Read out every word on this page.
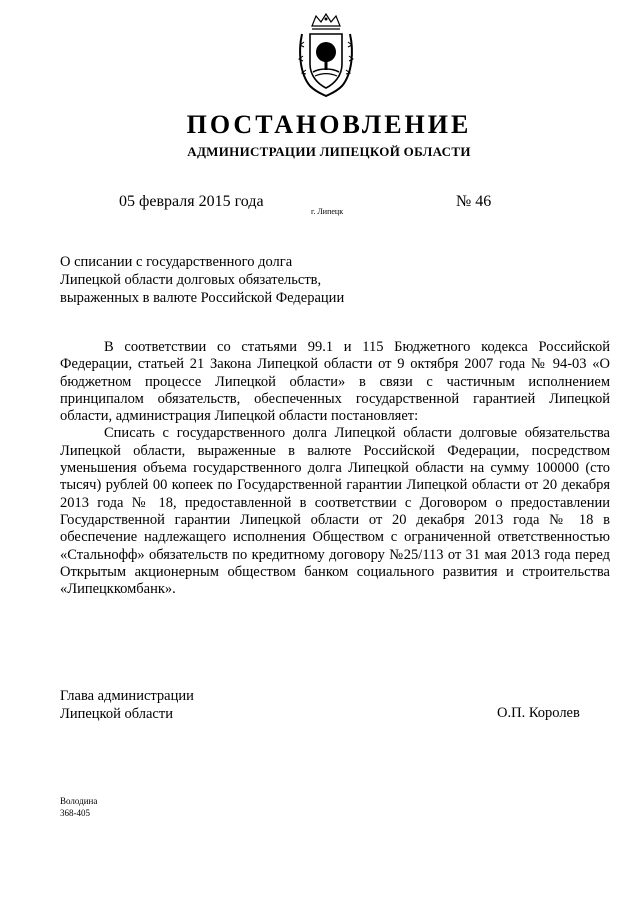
ПОСТАНОВЛЕНИЕ
АДМИНИСТРАЦИИ ЛИПЕЦКОЙ ОБЛАСТИ
05 февраля 2015 года
г. Липецк
№ 46
О списании с государственного долга
Липецкой области долговых обязательств,
выраженных в валюте Российской Федерации

В соответствии со статьями 99.1 и 115 Бюджетного кодекса Российской Федерации, статьей 21 Закона Липецкой области от 9 октября 2007 года № 94-03 «О бюджетном процессе Липецкой области» в связи с частичным исполнением принципалом обязательств, обеспеченных государственной гарантией Липецкой области, администрация Липецкой области постановляет:

Списать с государственного долга Липецкой области долговые обязательства Липецкой области, выраженные в валюте Российской Федерации, посредством уменьшения объема государственного долга Липецкой области на сумму 100000 (сто тысяч) рублей 00 копеек по Государственной гарантии Липецкой области от 20 декабря 2013 года № 18, предоставленной в соответствии с Договором о предоставлении Государственной гарантии Липецкой области от 20 декабря 2013 года № 18 в обеспечение надлежащего исполнения Обществом с ограниченной ответственностью «Стальнофф» обязательств по кредитному договору №25/113 от 31 мая 2013 года перед Открытым акционерным обществом банком социального развития и строительства «Липецккомбанк».

Глава администрации
Липецкой области	О.П. Королев
Володина
368-405
